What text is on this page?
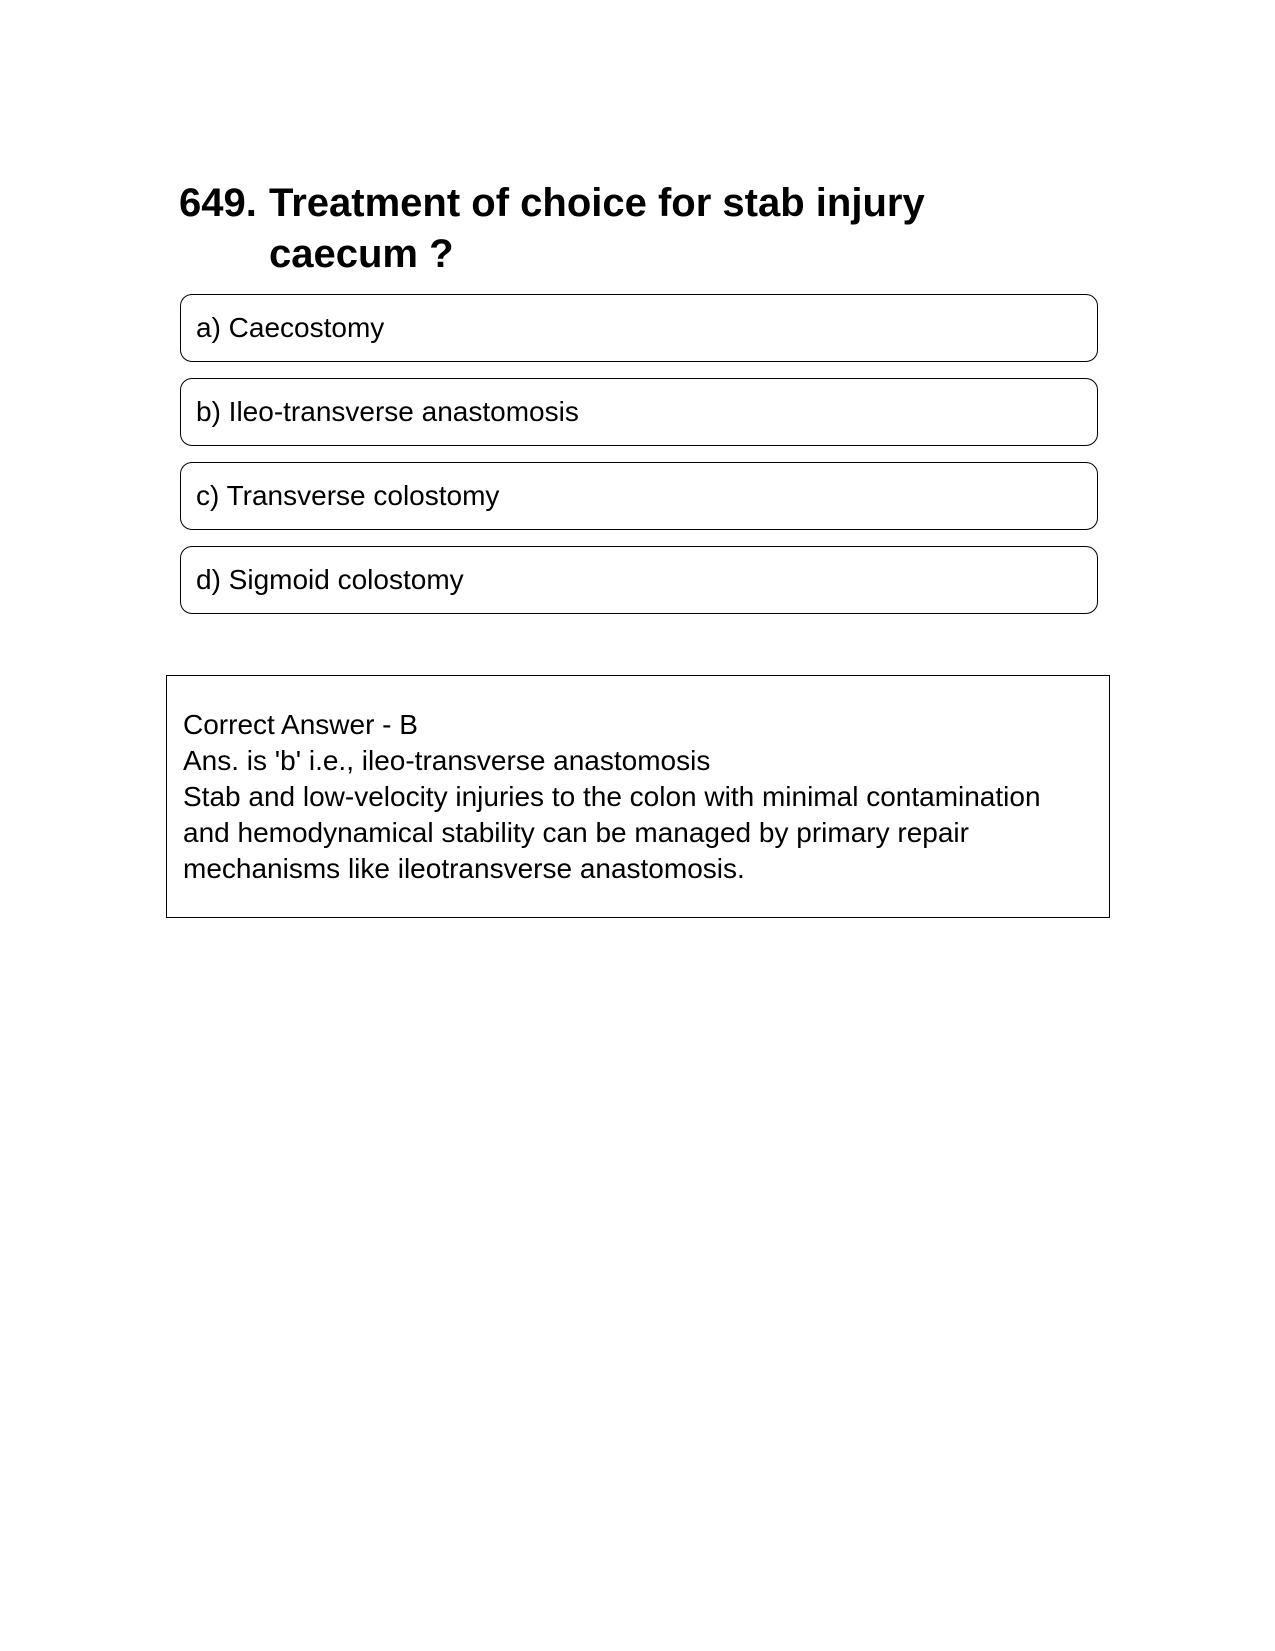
649. Treatment of choice for stab injury caecum ?
a) Caecostomy
b) Ileo-transverse anastomosis
c) Transverse colostomy
d) Sigmoid colostomy
Correct Answer - B
Ans. is 'b' i.e., ileo-transverse anastomosis
Stab and low-velocity injuries to the colon with minimal contamination and hemodynamical stability can be managed by primary repair mechanisms like ileotransverse anastomosis.
